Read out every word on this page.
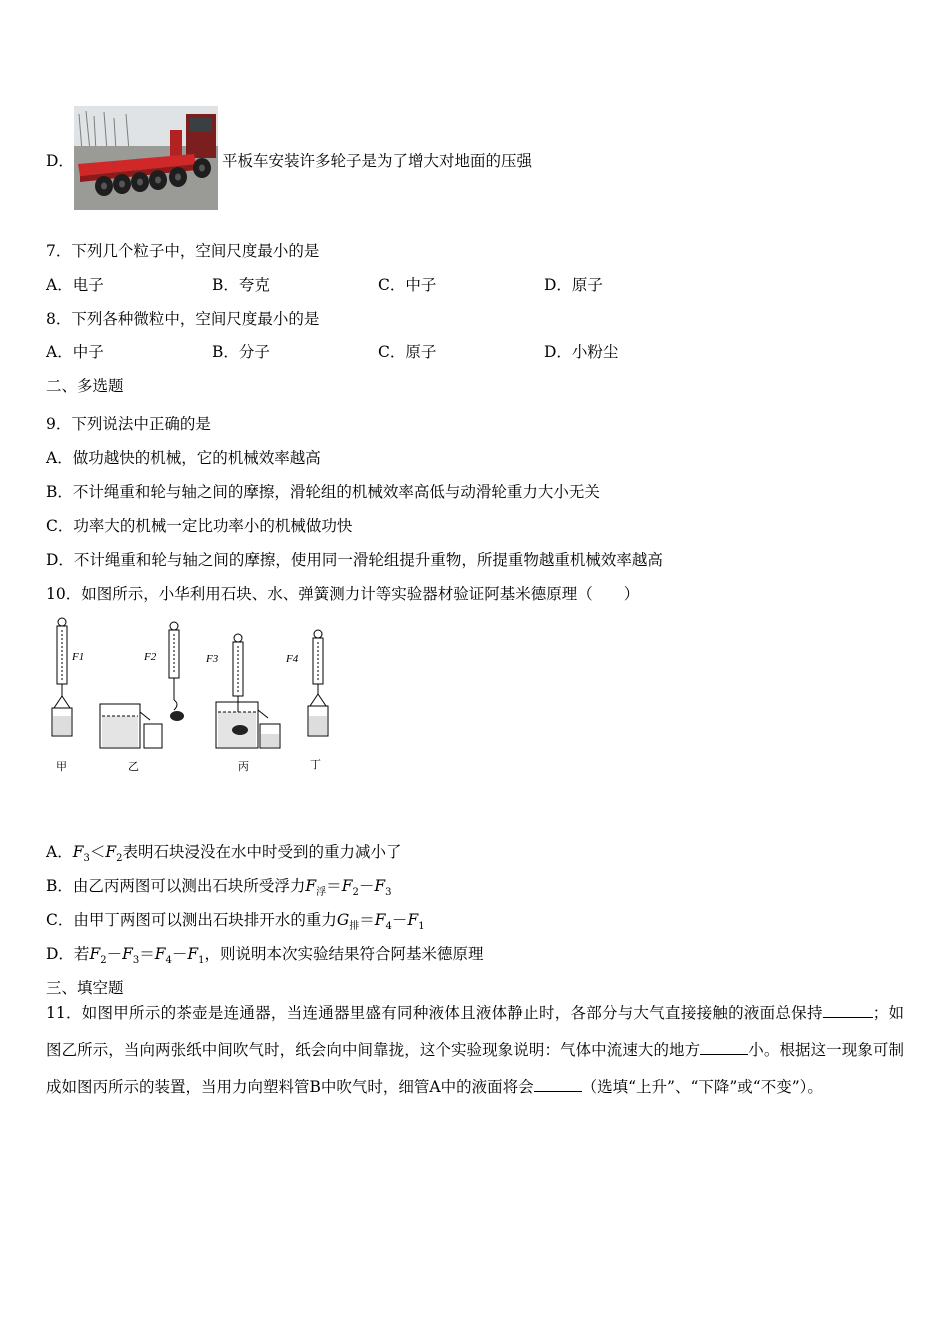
D．	平板车安装许多轮子是为了增大对地面的压强
7．下列几个粒子中，空间尺度最小的是
A．电子	B．夸克	C．中子	D．原子
8．下列各种微粒中，空间尺度最小的是
A．中子	B．分子	C．原子	D．小粉尘
二、多选题
9．下列说法中正确的是
A．做功越快的机械，它的机械效率越高
B．不计绳重和轮与轴之间的摩擦，滑轮组的机械效率高低与动滑轮重力大小无关
C．功率大的机械一定比功率小的机械做功快
D．不计绳重和轮与轴之间的摩擦，使用同一滑轮组提升重物，所提重物越重机械效率越高
10．如图所示，小华利用石块、水、弹簧测力计等实验器材验证阿基米德原理（　　）
F1	F2	F3	F4
甲	乙	丙	丁
A．$F_3<F_2$表明石块浸没在水中时受到的重力减小了
B．由乙丙两图可以测出石块所受浮力$F_浮=F_2-F_3$
C．由甲丁两图可以测出石块排开水的重力$G_排=F_4-F_1$
D．若$F_2-F_3=F_4-F_1$，则说明本次实验结果符合阿基米德原理
三、填空题
11．如图甲所示的茶壶是连通器，当连通器里盛有同种液体且液体静止时，各部分与大气直接接触的液面总保持	；如图乙所示，当向两张纸中间吹气时，纸会向中间靠拢，这个实验现象说明：气体中流速大的地方	小。根据这一现象可制成如图丙所示的装置，当用力向塑料管B中吹气时，细管A中的液面将会	（选填“上升”、“下降”或“不变”）。
